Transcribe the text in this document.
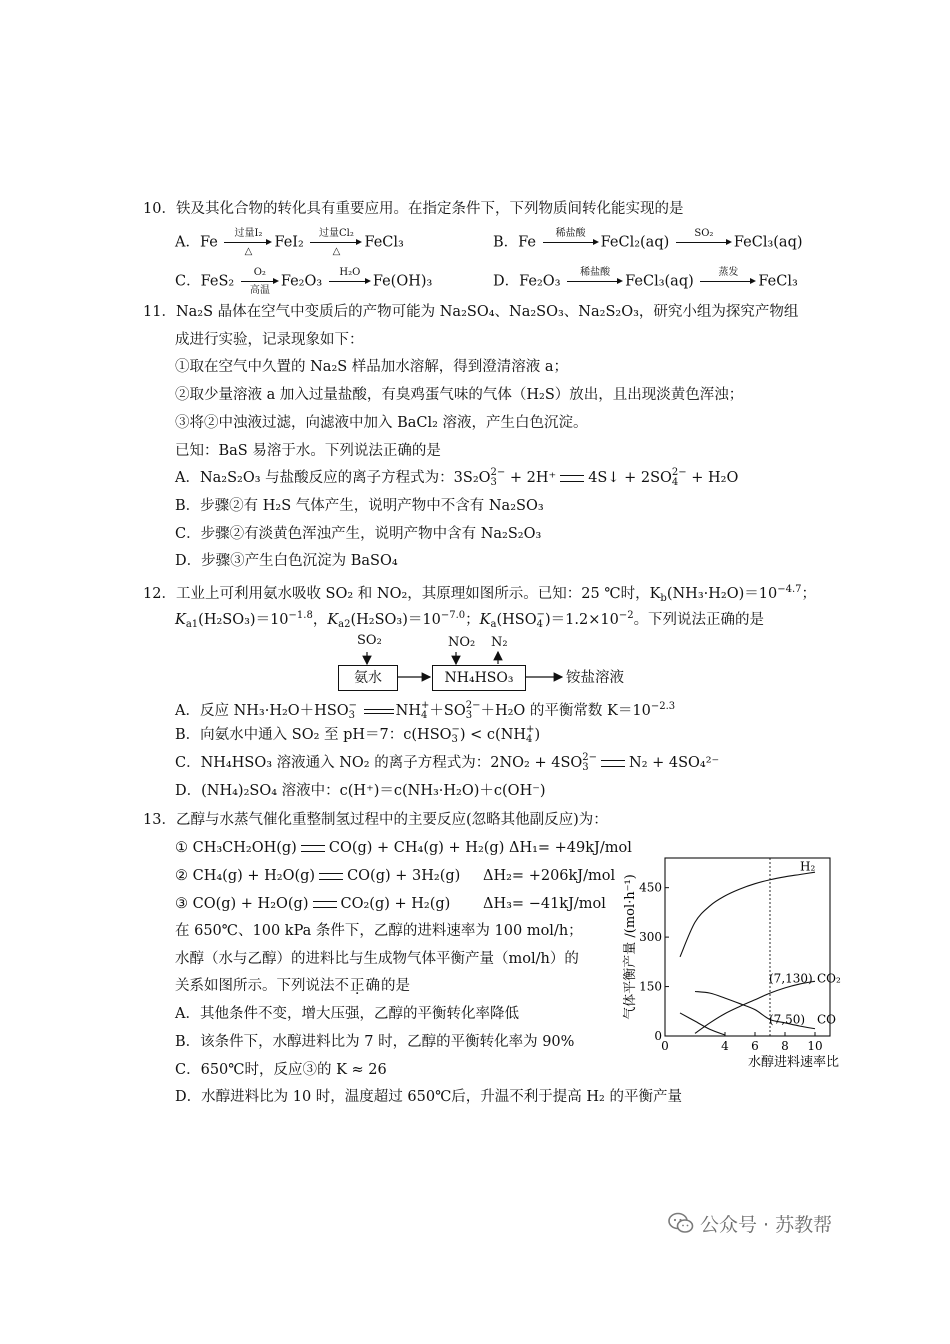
10．铁及其化合物的转化具有重要应用。在指定条件下，下列物质间转化能实现的是
A．Fe
过量I₂
△
FeI₂
过量Cl₂
△
FeCl₃	B．Fe
稀盐酸

FeCl₂(aq)
SO₂

FeCl₃(aq)
C．FeS₂
O₂
高温
Fe₂O₃
H₂O

Fe(OH)₃	D．Fe₂O₃
稀盐酸

FeCl₃(aq)
蒸发

FeCl₃
11．Na₂S 晶体在空气中变质后的产物可能为 Na₂SO₄、Na₂SO₃、Na₂S₂O₃，研究小组为探究产物组
成进行实验，记录现象如下：
①取在空气中久置的 Na₂S 样品加水溶解，得到澄清溶液 a；
②取少量溶液 a 加入过量盐酸，有臭鸡蛋气味的气体（H₂S）放出，且出现淡黄色浑浊；
③将②中浊液过滤，向滤液中加入 BaCl₂ 溶液，产生白色沉淀。
已知：BaS 易溶于水。下列说法正确的是
A．Na₂S₂O₃ 与盐酸反应的离子方程式为：3S₂O 2−
3 + 2H⁺ 4S↓ + 2SO 2−
4 + H₂O
B．步骤②有 H₂S 气体产生，说明产物中不含有 Na₂SO₃
C．步骤②有淡黄色浑浊产生，说明产物中含有 Na₂S₂O₃
D．步骤③产生白色沉淀为 BaSO₄
12．工业上可利用氨水吸收 SO₂ 和 NO₂，其原理如图所示。已知：25 ℃时，$K_b(NH_3\cdot H_2O)=10^{-4.7}$；
$K_{a1}(H_2SO_3)=10^{-1.8}$，$K_{a2}(H_2SO_3)=10^{-7.0}$；$K_a(HSO$ −
4 )$=1.2\times 10^{-2}$。下列说法正确的是
SO₂	NO₂ N₂
氨水	NH₄HSO₃	铵盐溶液
A．反应 NH₃·H₂O＋HSO −
3
	NH +
4 ＋SO 2−
3 ＋H₂O 的平衡常数 $K=10^{-2.3}$
B．向氨水中通入 SO₂ 至 pH＝7：c(HSO −
3 ) < c(NH +
4 )
C．NH₄HSO₃ 溶液通入 NO₂ 的离子方程式为：2NO₂ + 4SO 2−
3	N₂ + 4SO₄²⁻
D．(NH₄)₂SO₄ 溶液中：c(H⁺)＝c(NH₃·H₂O)＋c(OH⁻)
13．乙醇与水蒸气催化重整制氢过程中的主要反应(忽略其他副反应)为：
① CH₃CH₂OH(g) CO(g) + CH₄(g) + H₂(g) ΔH₁= +49kJ/mol
② CH₄(g) + H₂O(g) CO(g) + 3H₂(g) ΔH₂= +206kJ/mol
③ CO(g) + H₂O(g) CO₂(g) + H₂(g) ΔH₃= −41kJ/mol
在 650℃、100 kPa 条件下，乙醇的进料速率为 100 mol/h；
水醇（水与乙醇）的进料比与生成物气体平衡产量（mol/h）的
关系如图所示。下列说法不正确的是
A．其他条件不变，增大压强，乙醇的平衡转化率降低
B．该条件下，水醇进料比为 7 时，乙醇的平衡转化率为 90%
C．650℃时，反应③的 K ≈ 26
D．水醇进料比为 10 时，温度超过 650℃后，升温不利于提高 H₂ 的平衡产量
0	4 6 8 10
0
150
300
450
气体平衡产量 /(mol·h⁻¹)
水醇进料速率比
H₂
CO₂
CO
(7,130)
(7,50)
公众号 · 苏教帮
